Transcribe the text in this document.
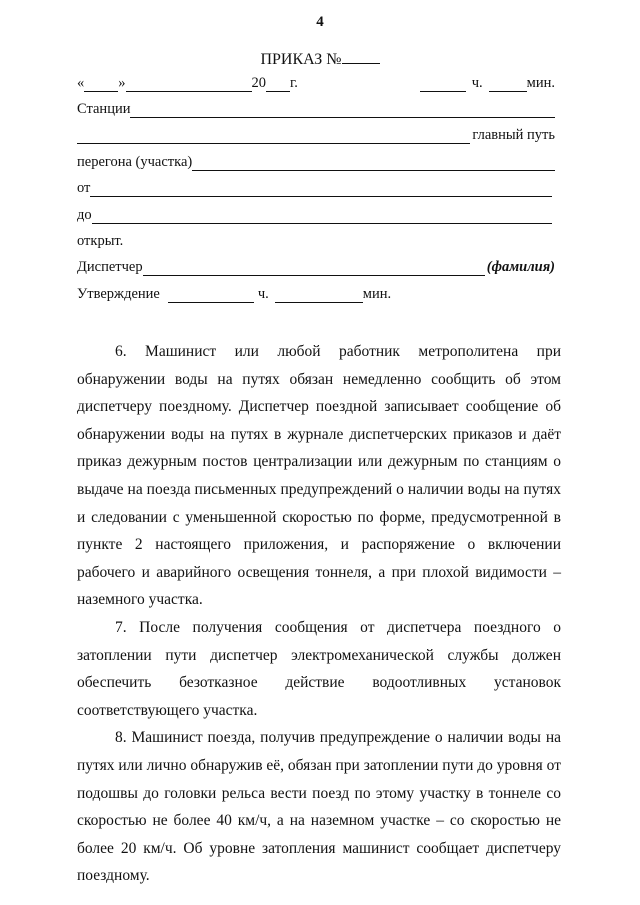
4
ПРИКАЗ №
« »	20 г.	ч.	мин.
Станции
главный путь
перегона (участка)
от
до
открыт.
Диспетчер	(фамилия)
Утверждение	ч.	мин.

6. Машинист или любой работник метрополитена при обнаружении воды на путях обязан немедленно сообщить об этом диспетчеру поездному. Диспетчер поездной записывает сообщение об обнаружении воды на путях в журнале диспетчерских приказов и даёт приказ дежурным постов централизации или дежурным по станциям о выдаче на поезда письменных предупреждений о наличии воды на путях и следовании с уменьшенной скоростью по форме, предусмотренной в пункте 2 настоящего приложения, и распоряжение о включении рабочего и аварийного освещения тоннеля, а при плохой видимости – наземного участка.

7. После получения сообщения от диспетчера поездного о затоплении пути диспетчер электромеханической службы должен обеспечить безотказное действие водоотливных установок соответствующего участка.

8. Машинист поезда, получив предупреждение о наличии воды на путях или лично обнаружив её, обязан при затоплении пути до уровня от подошвы до головки рельса вести поезд по этому участку в тоннеле со скоростью не более 40 км/ч, а на наземном участке – со скоростью не более 20 км/ч. Об уровне затопления машинист сообщает диспетчеру поездному.
